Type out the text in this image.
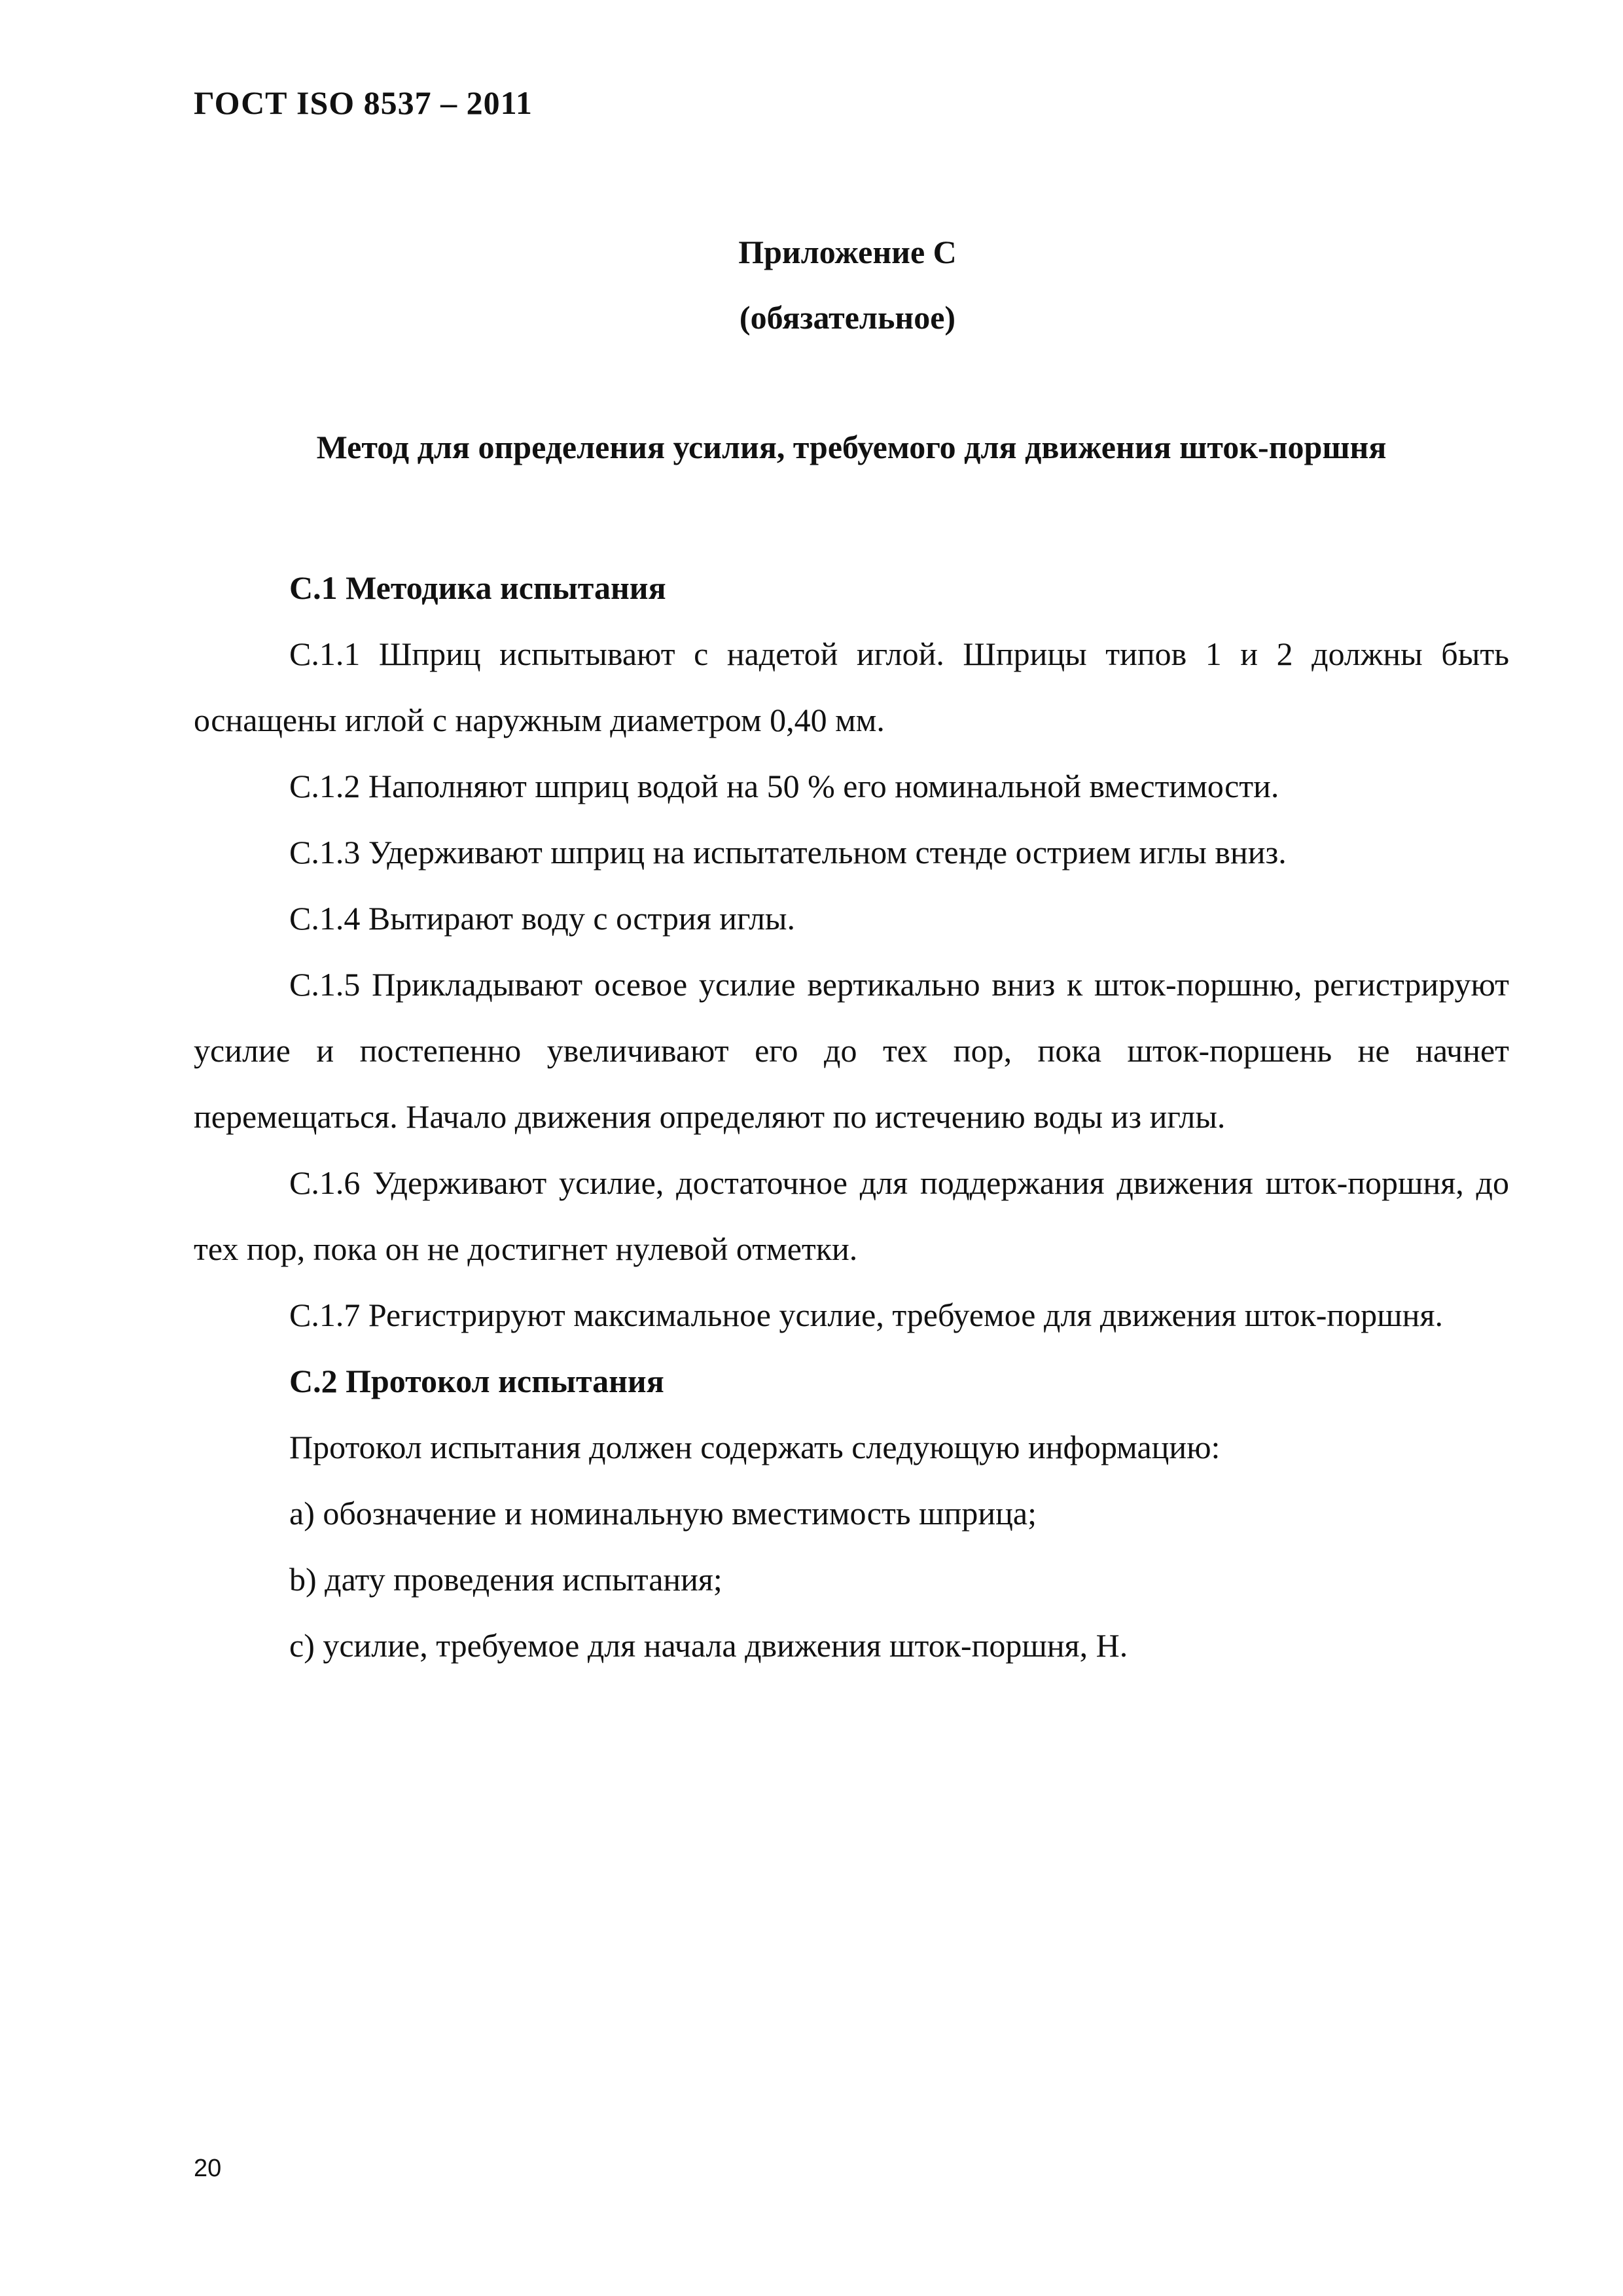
ГОСТ ISO 8537 – 2011

Приложение С

(обязательное)

Метод для определения усилия, требуемого для движения шток-поршня

С.1 Методика испытания

С.1.1 Шприц испытывают с надетой иглой. Шприцы типов 1 и 2 должны быть оснащены иглой с наружным диаметром 0,40 мм.

С.1.2 Наполняют шприц водой на 50 % его номинальной вместимости.

С.1.3 Удерживают шприц на испытательном стенде острием иглы вниз.

С.1.4 Вытирают воду с острия иглы.

С.1.5 Прикладывают осевое усилие вертикально вниз к шток-поршню, регистрируют усилие и постепенно увеличивают его до тех пор, пока шток-поршень не начнет перемещаться. Начало движения определяют по истечению воды из иглы.

С.1.6 Удерживают усилие, достаточное для поддержания движения шток-поршня, до тех пор, пока он не достигнет нулевой отметки.

С.1.7 Регистрируют максимальное усилие, требуемое для движения шток-поршня.

С.2 Протокол испытания

Протокол испытания должен содержать следующую информацию:

a) обозначение и номинальную вместимость шприца;

b) дату проведения испытания;

c) усилие, требуемое для начала движения шток-поршня, Н.

20
